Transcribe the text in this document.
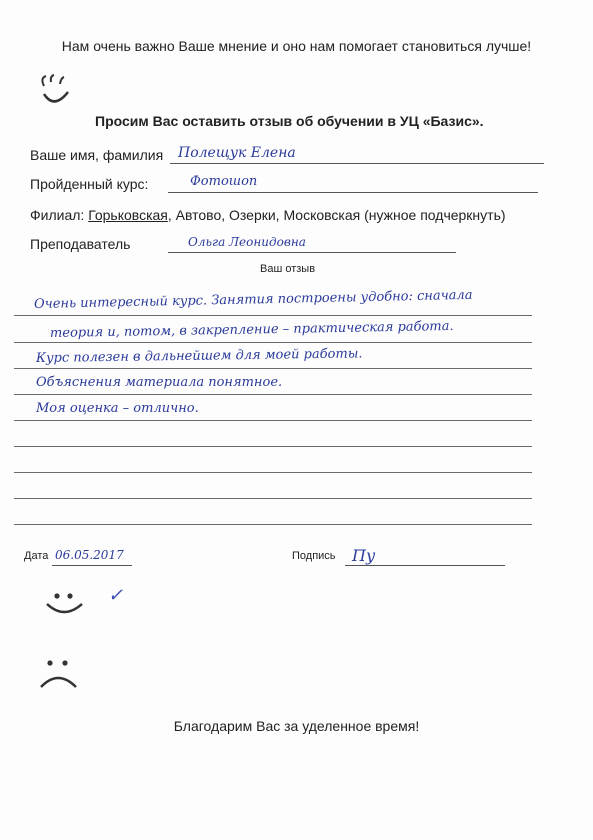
Нам очень важно Ваше мнение и оно нам помогает становиться лучше!
Просим Вас оставить отзыв об обучении в УЦ «Базис».
Ваше имя, фамилия Полещук Елена
Пройденный курс:	Фотошоп
Филиал: Горьковская, Автово, Озерки, Московская (нужное подчеркнуть)
Преподаватель	Ольга Леонидовна
Ваш отзыв
Очень интересный курс. Занятия построены удобно: сначала
теория и, потом, в закрепление – практическая работа.
Курс полезен в дальнейшем для моей работы.
Объяснения материала понятное.
Моя оценка – отлично.
Дата 06.05.2017	Подпись Пу
✓
Благодарим Вас за уделенное время!
